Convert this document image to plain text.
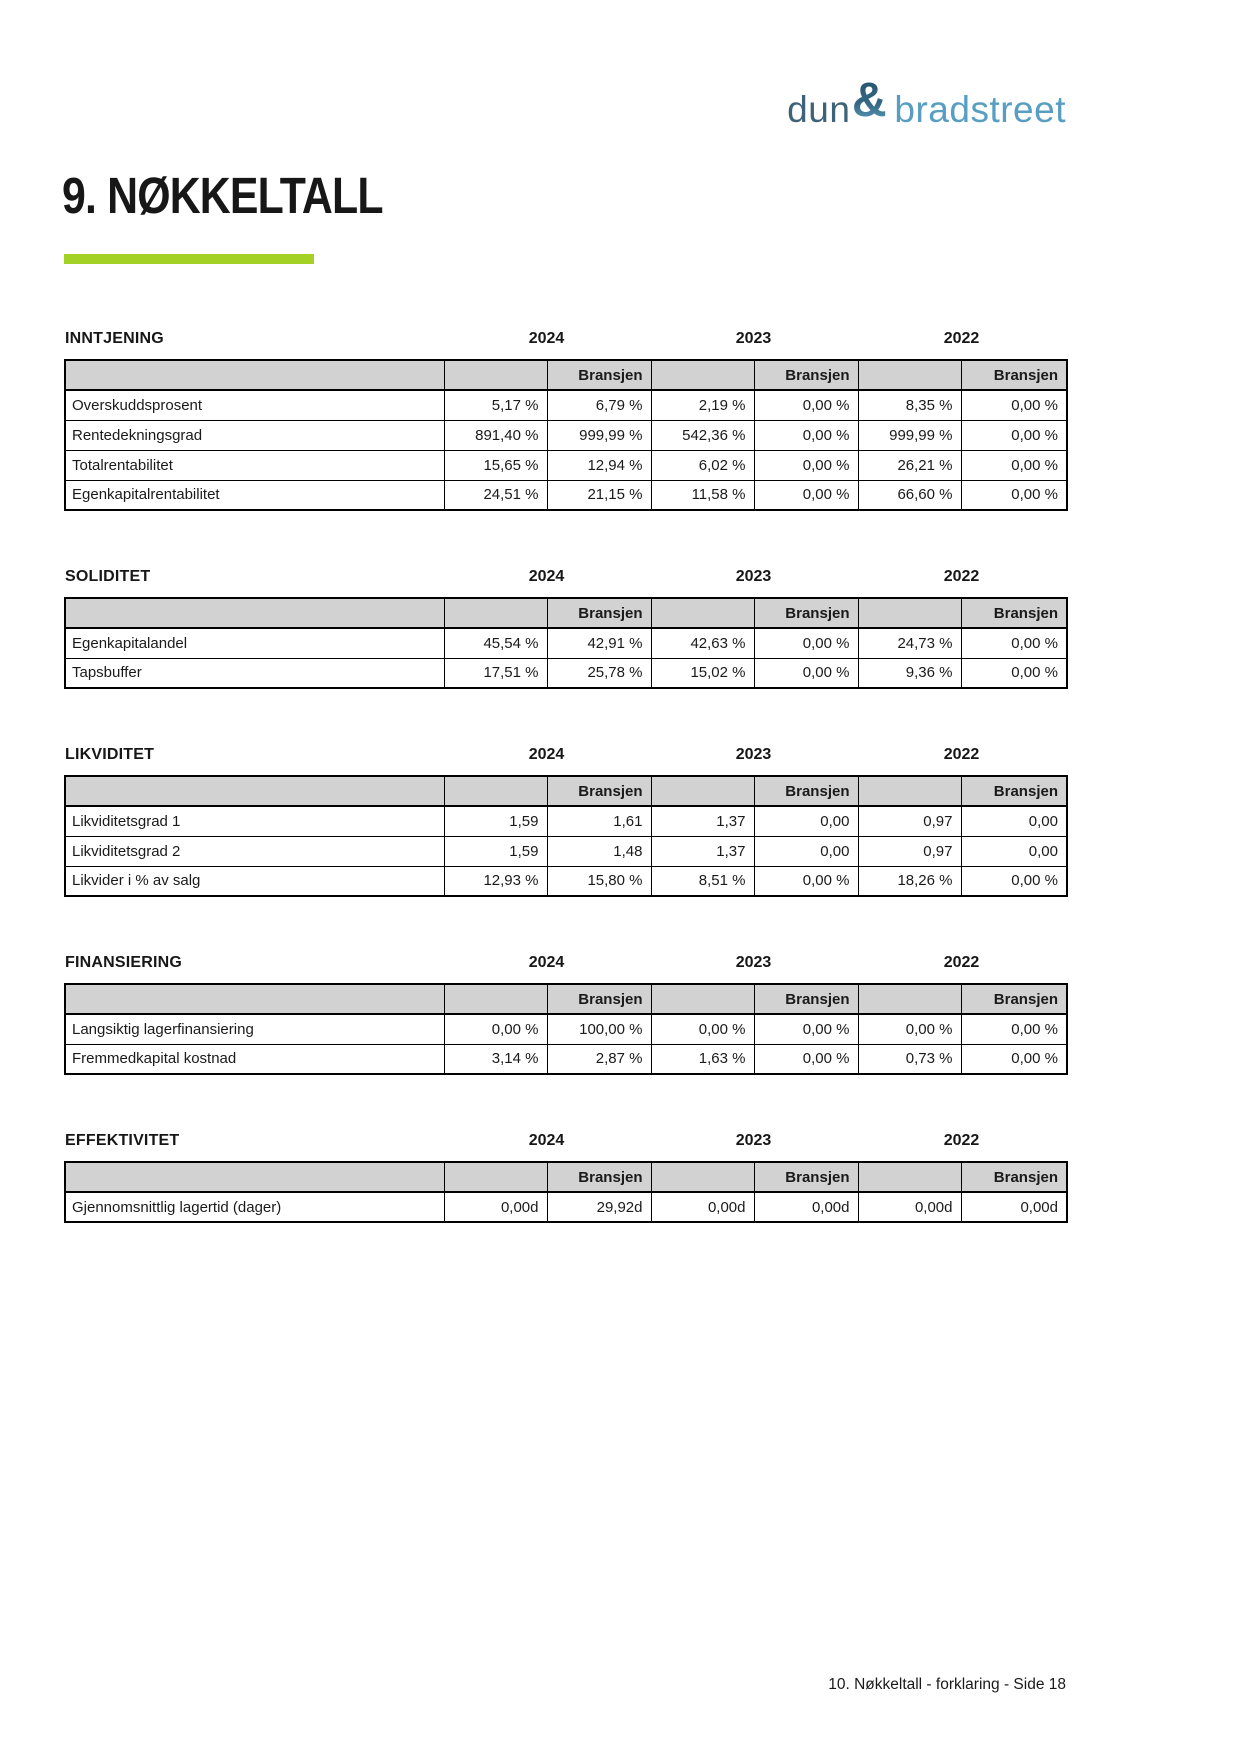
dun & bradstreet
9. NØKKELTALL
INNTJENING	2024	2023	2022
		Bransjen		Bransjen		Bransjen
Overskuddsprosent	5,17 %	6,79 %	2,19 %	0,00 %	8,35 %	0,00 %
Rentedekningsgrad	891,40 %	999,99 %	542,36 %	0,00 %	999,99 %	0,00 %
Totalrentabilitet	15,65 %	12,94 %	6,02 %	0,00 %	26,21 %	0,00 %
Egenkapitalrentabilitet	24,51 %	21,15 %	11,58 %	0,00 %	66,60 %	0,00 %
SOLIDITET	2024	2023	2022
		Bransjen		Bransjen		Bransjen
Egenkapitalandel	45,54 %	42,91 %	42,63 %	0,00 %	24,73 %	0,00 %
Tapsbuffer	17,51 %	25,78 %	15,02 %	0,00 %	9,36 %	0,00 %
LIKVIDITET	2024	2023	2022
		Bransjen		Bransjen		Bransjen
Likviditetsgrad 1	1,59	1,61	1,37	0,00	0,97	0,00
Likviditetsgrad 2	1,59	1,48	1,37	0,00	0,97	0,00
Likvider i % av salg	12,93 %	15,80 %	8,51 %	0,00 %	18,26 %	0,00 %
FINANSIERING	2024	2023	2022
		Bransjen		Bransjen		Bransjen
Langsiktig lagerfinansiering	0,00 %	100,00 %	0,00 %	0,00 %	0,00 %	0,00 %
Fremmedkapital kostnad	3,14 %	2,87 %	1,63 %	0,00 %	0,73 %	0,00 %
EFFEKTIVITET	2024	2023	2022
		Bransjen		Bransjen		Bransjen
Gjennomsnittlig lagertid (dager)	0,00d	29,92d	0,00d	0,00d	0,00d	0,00d
10. Nøkkeltall - forklaring - Side 18
